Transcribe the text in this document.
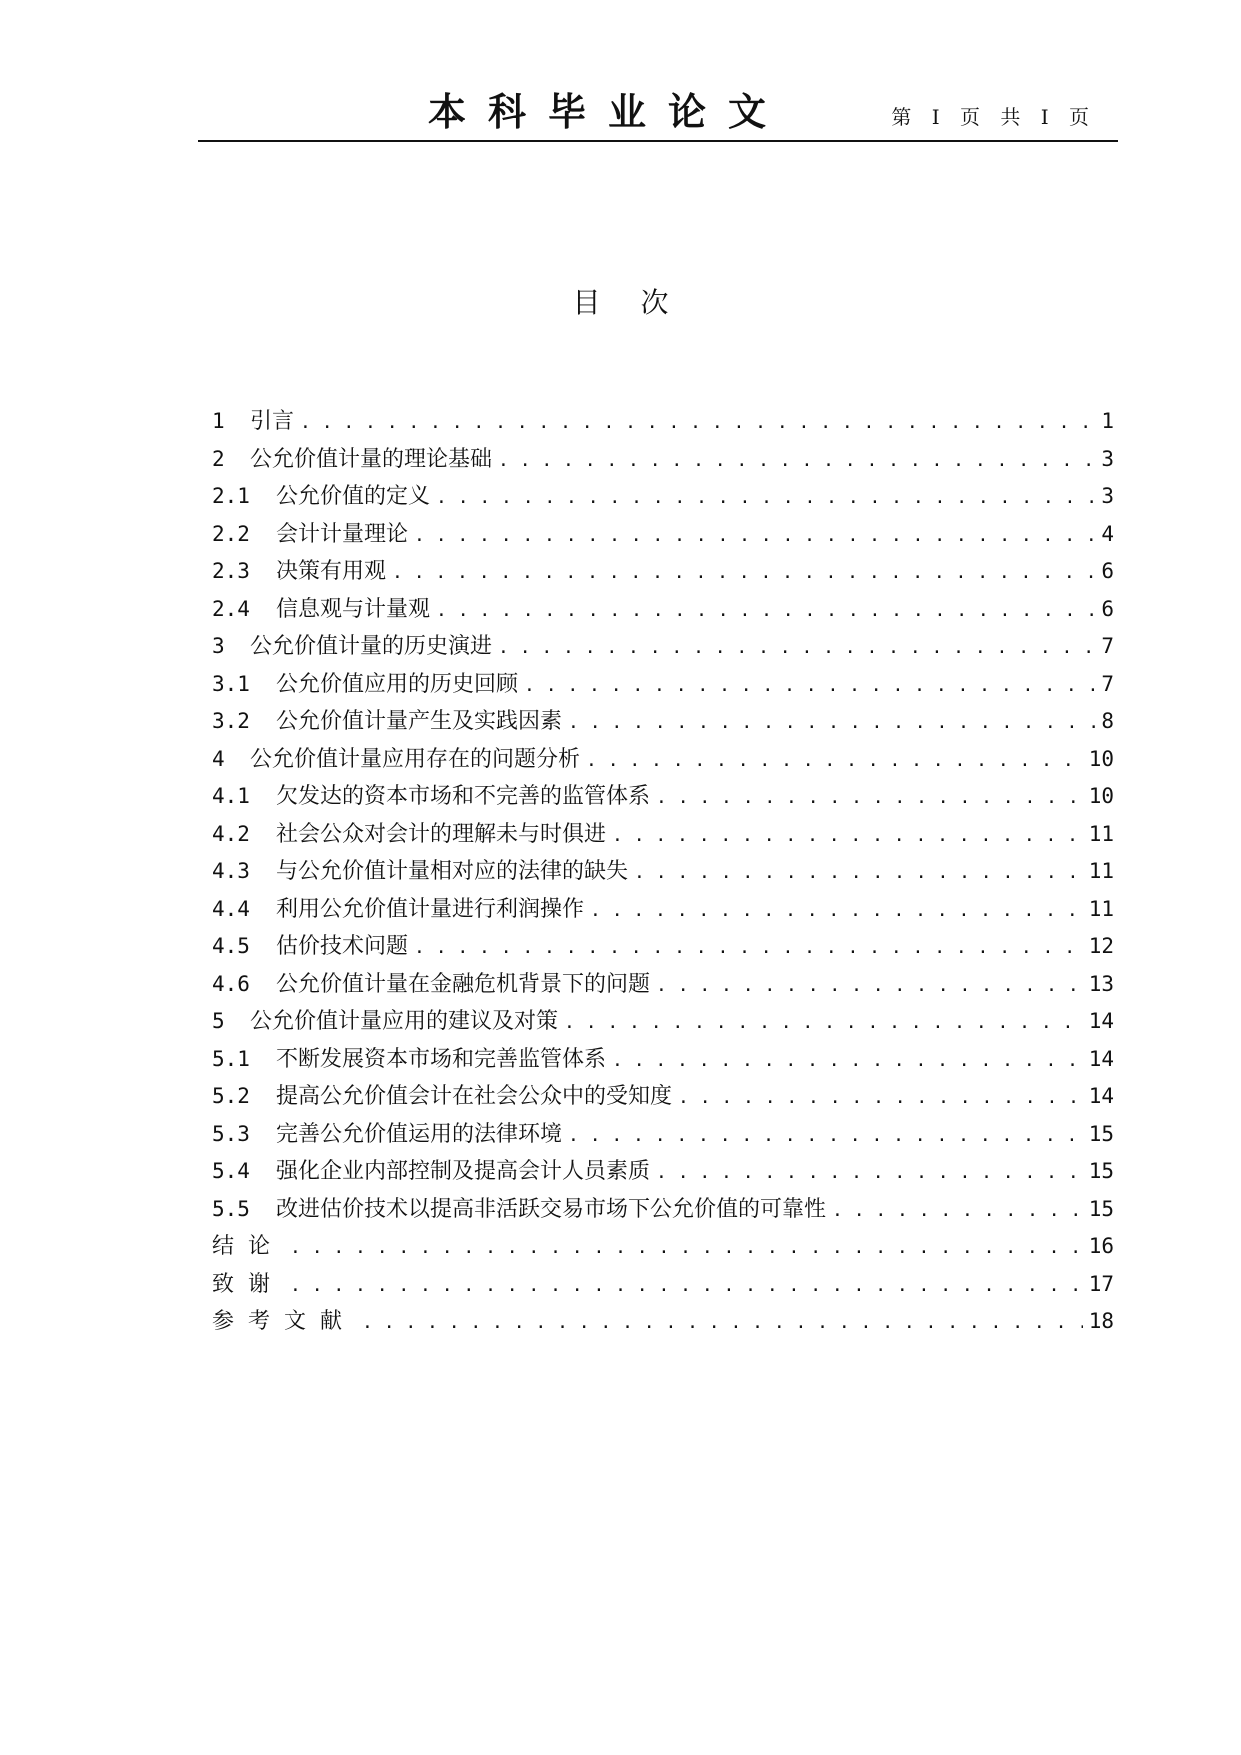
本科毕业论文	第 I 页 共 I 页
目次
1	引言 . . .	1
2	公允价值计量的理论基础 . . .	3
2.1	公允价值的定义 . . .	3
2.2	会计计量理论 . . .	4
2.3	决策有用观 . . .	6
2.4	信息观与计量观 . . .	6
3	公允价值计量的历史演进 . . .	7
3.1	公允价值应用的历史回顾 . . .	7
3.2	公允价值计量产生及实践因素 . . .	8
4	公允价值计量应用存在的问题分析 . . .	10
4.1	欠发达的资本市场和不完善的监管体系 . . .	10
4.2	社会公众对会计的理解未与时俱进 . . .	11
4.3	与公允价值计量相对应的法律的缺失 . . .	11
4.4	利用公允价值计量进行利润操作 . . .	11
4.5	估价技术问题 . . .	12
4.6	公允价值计量在金融危机背景下的问题 . . .	13
5	公允价值计量应用的建议及对策 . . .	14
5.1	不断发展资本市场和完善监管体系 . . .	14
5.2	提高公允价值会计在社会公众中的受知度 . . .	14
5.3	完善公允价值运用的法律环境 . . .	15
5.4	强化企业内部控制及提高会计人员素质 . . .	15
5.5	改进估价技术以提高非活跃交易市场下公允价值的可靠性 . . .	15
结论 . . .	16
致谢 . . .	17
参考文献 . . .	18
